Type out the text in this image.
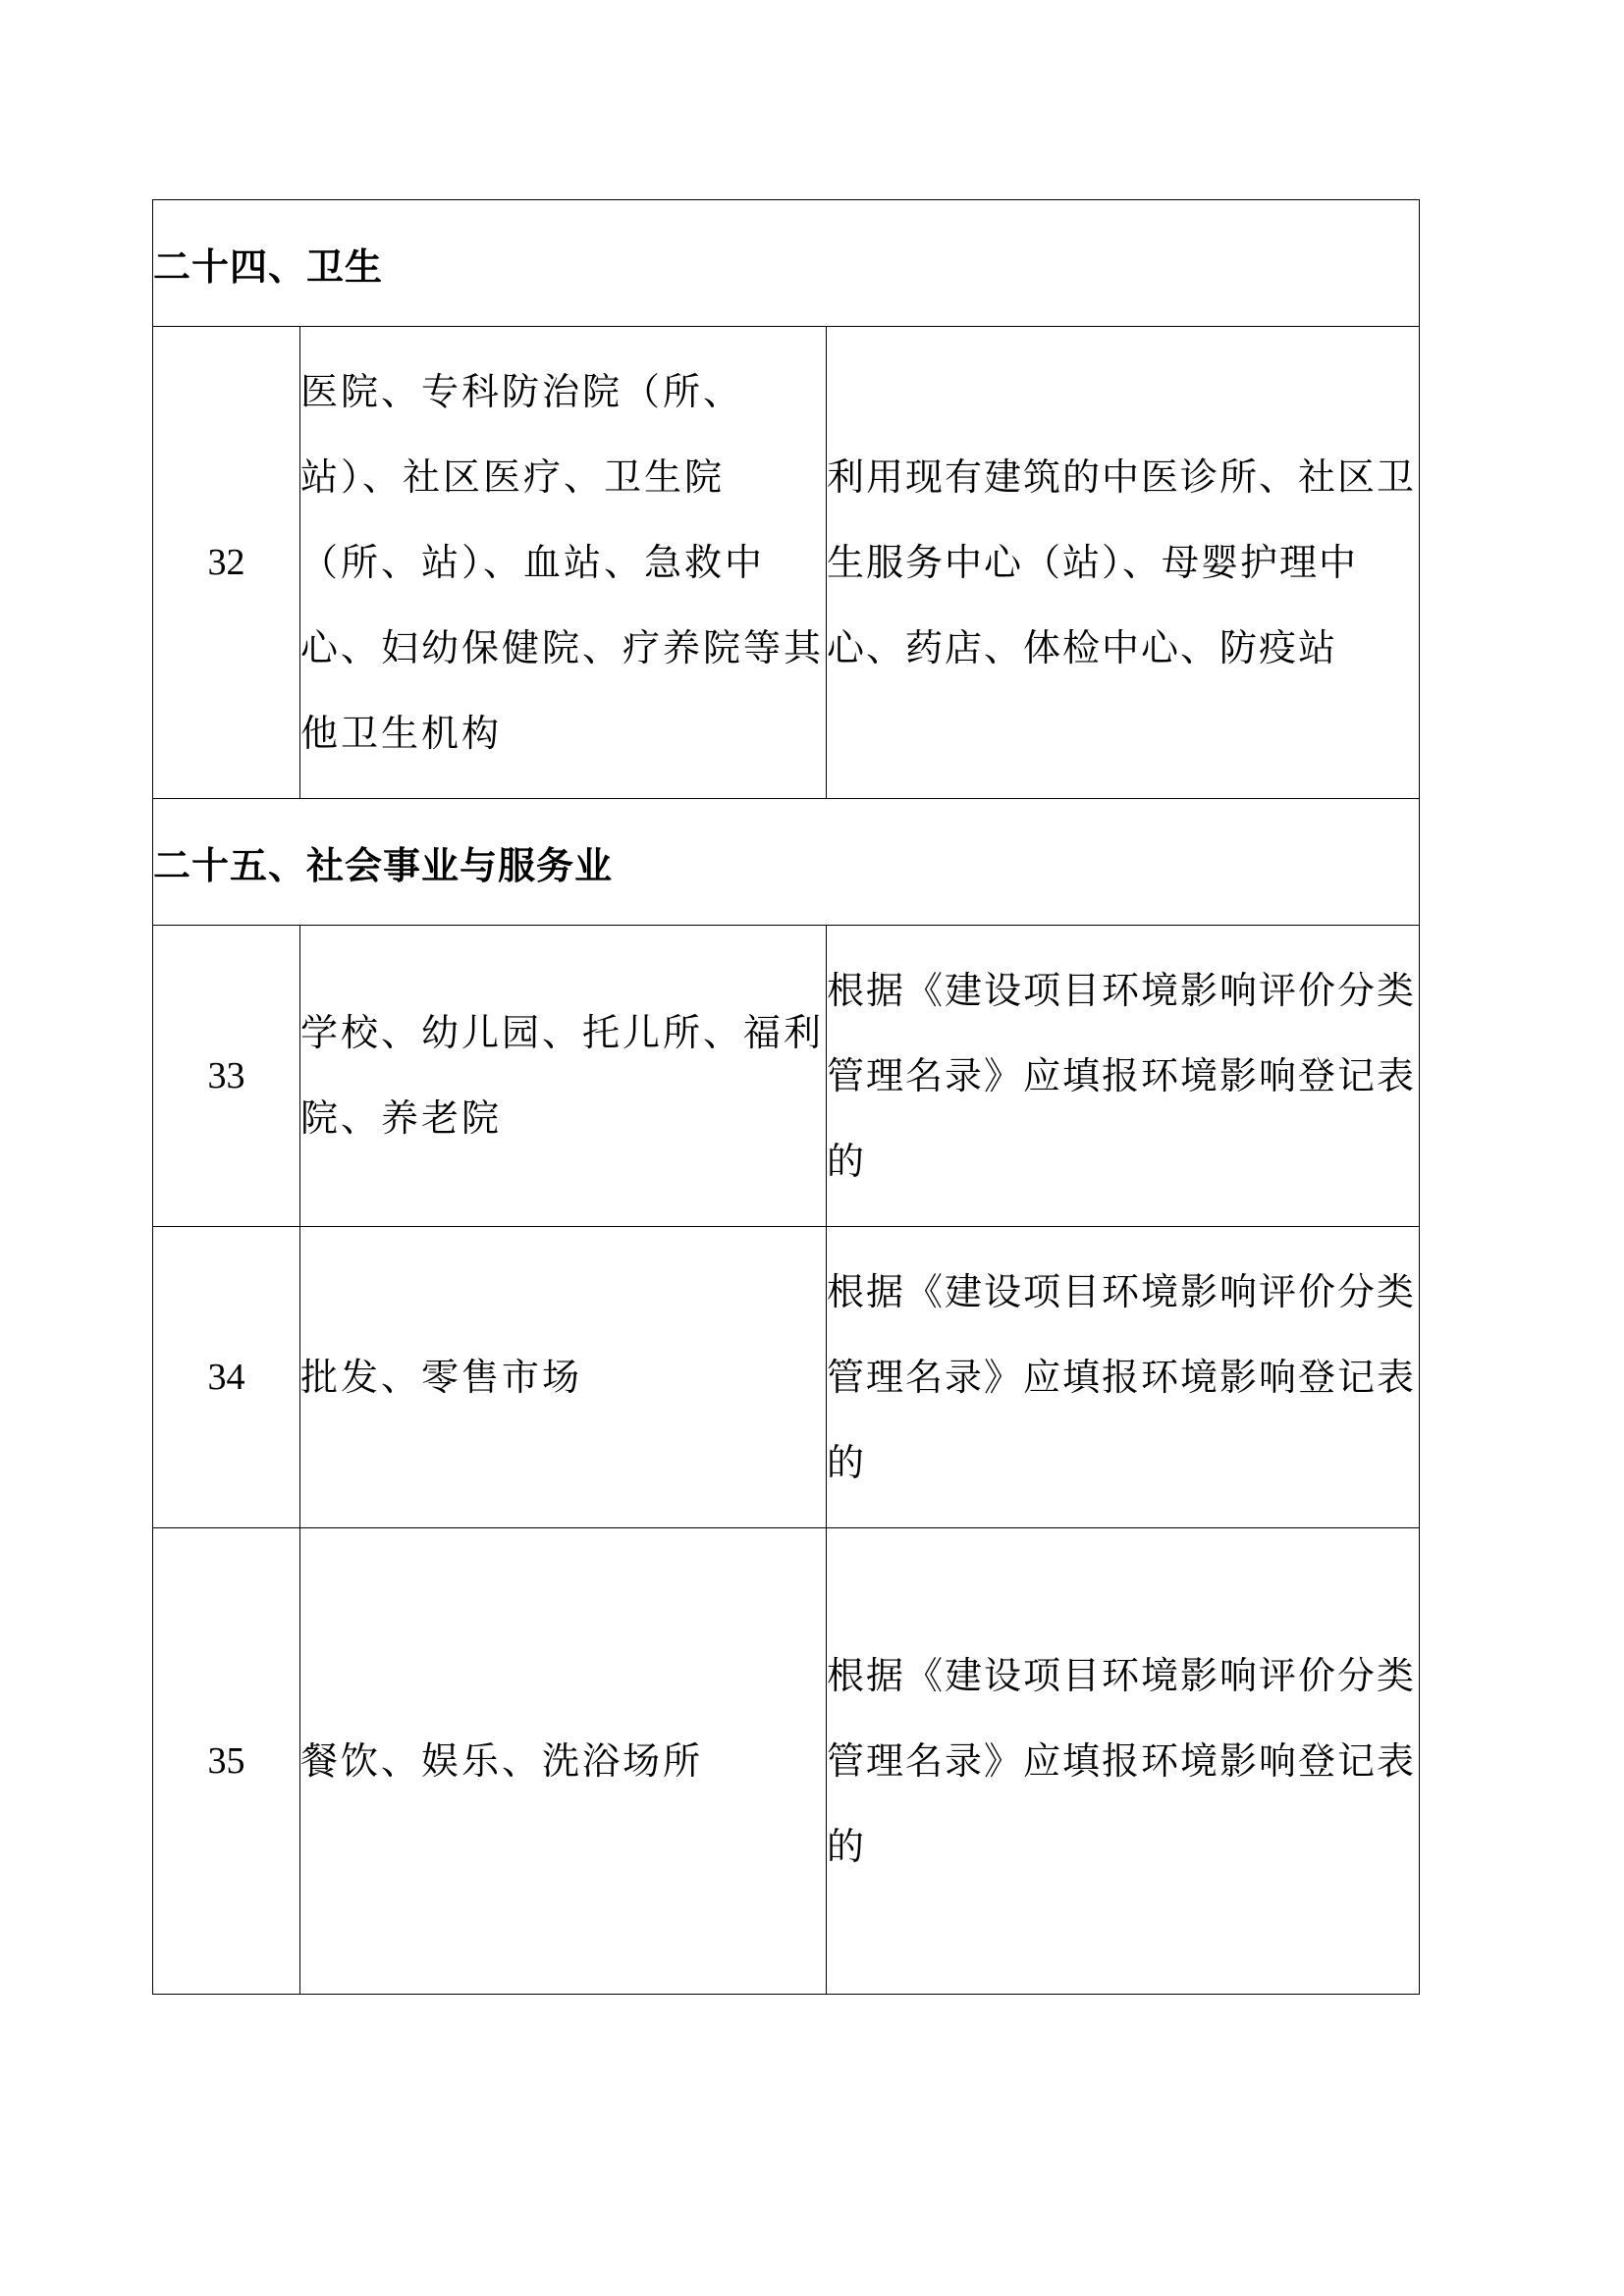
二十四、卫生		
32	医院、专科防治院（所、站）、社区医疗、卫生院（所、站）、血站、急救中心、妇幼保健院、疗养院等其他卫生机构	利用现有建筑的中医诊所、社区卫生服务中心（站）、母婴护理中心、药店、体检中心、防疫站
二十五、社会事业与服务业		
33	学校、幼儿园、托儿所、福利院、养老院	根据《建设项目环境影响评价分类管理名录》应填报环境影响登记表的
34	批发、零售市场	根据《建设项目环境影响评价分类管理名录》应填报环境影响登记表的
35	餐饮、娱乐、洗浴场所	根据《建设项目环境影响评价分类管理名录》应填报环境影响登记表的
